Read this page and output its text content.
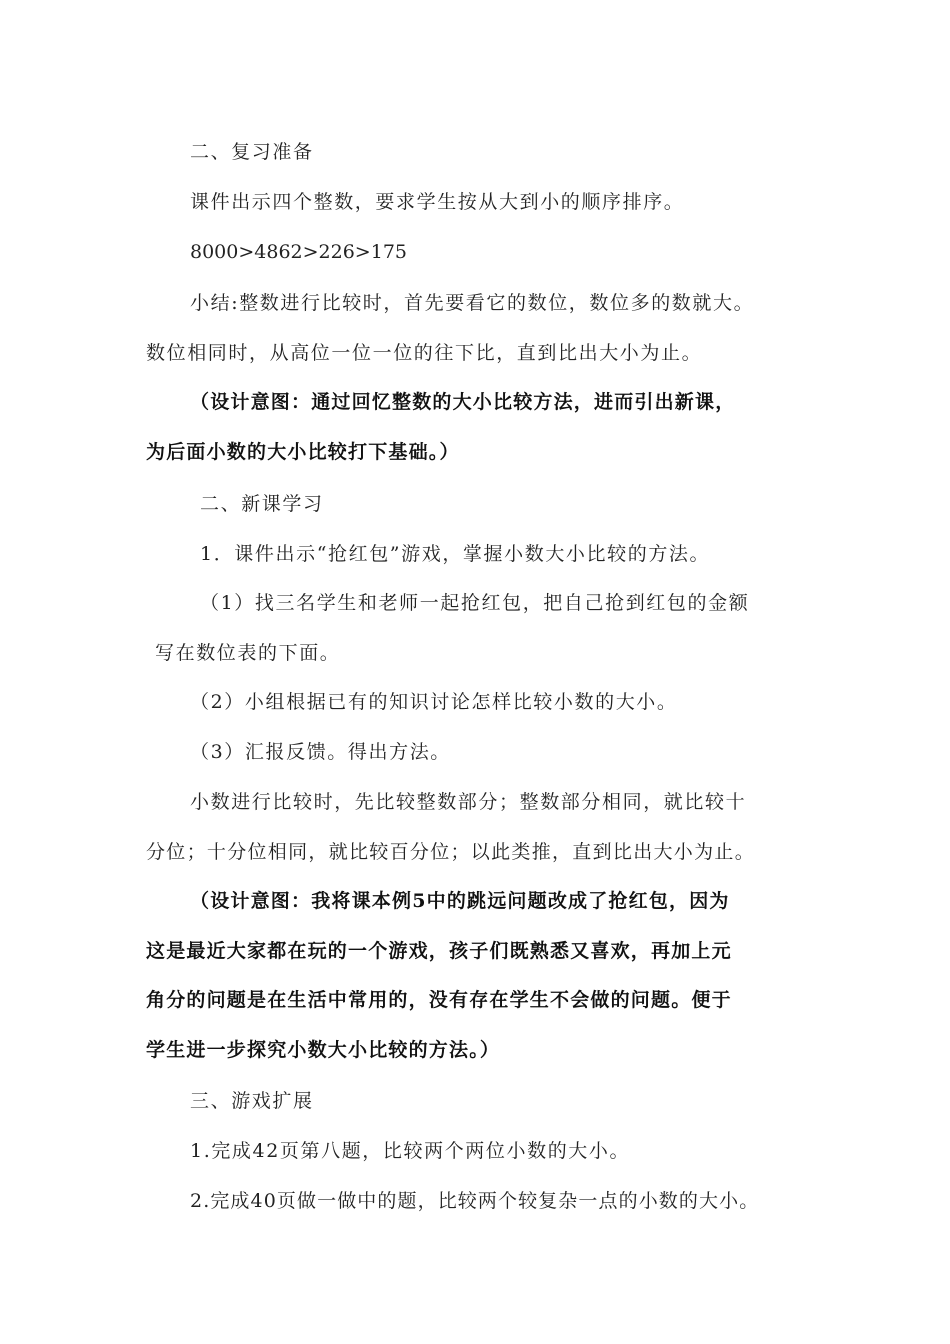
二、复习准备
课件出示四个整数，要求学生按从大到小的顺序排序。
8000>4862>226>175
小结:整数进行比较时，首先要看它的数位，数位多的数就大。
数位相同时，从高位一位一位的往下比，直到比出大小为止。
（设计意图：通过回忆整数的大小比较方法，进而引出新课，
为后面小数的大小比较打下基础。）
二、新课学习
1．课件出示“抢红包”游戏，掌握小数大小比较的方法。
（1）找三名学生和老师一起抢红包，把自己抢到红包的金额
写在数位表的下面。
（2）小组根据已有的知识讨论怎样比较小数的大小。
（3）汇报反馈。得出方法。
小数进行比较时，先比较整数部分；整数部分相同，就比较十
分位；十分位相同，就比较百分位；以此类推，直到比出大小为止。
（设计意图：我将课本例5中的跳远问题改成了抢红包，因为
这是最近大家都在玩的一个游戏，孩子们既熟悉又喜欢，再加上元
角分的问题是在生活中常用的，没有存在学生不会做的问题。便于
学生进一步探究小数大小比较的方法。）
三、游戏扩展
1.完成42页第八题，比较两个两位小数的大小。
2.完成40页做一做中的题，比较两个较复杂一点的小数的大小。
